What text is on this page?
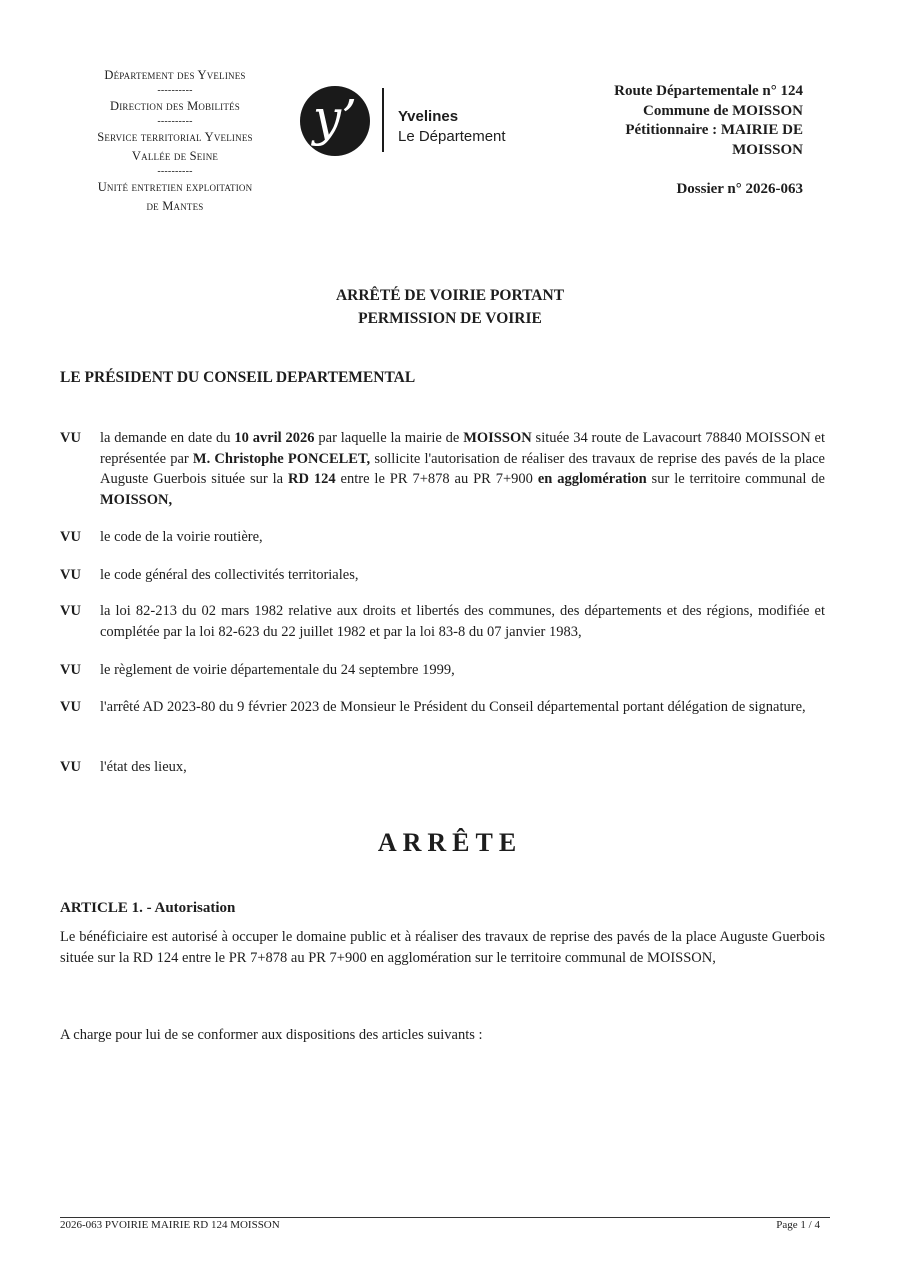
Département des Yvelines
----------
Direction des Mobilités
----------
Service territorial Yvelines
Vallée de Seine
----------
Unité entretien exploitation
de Mantes
y’	Yvelines
Le Département
Route Départementale n° 124
Commune de MOISSON
Pétitionnaire : MAIRIE DE
MOISSON
Dossier n° 2026-063
ARRÊTÉ DE VOIRIE PORTANT
PERMISSION DE VOIRIE
LE PRÉSIDENT DU CONSEIL DEPARTEMENTAL
VU	la demande en date du 10 avril 2026 par laquelle la mairie de MOISSON située 34 route de Lavacourt 78840 MOISSON et représentée par M. Christophe PONCELET, sollicite l'autorisation de réaliser des travaux de reprise des pavés de la place Auguste Guerbois située sur la RD 124 entre le PR 7+878 au PR 7+900 en agglomération sur le territoire communal de MOISSON,
VU	le code de la voirie routière,
VU	le code général des collectivités territoriales,
VU	la loi 82-213 du 02 mars 1982 relative aux droits et libertés des communes, des départements et des régions, modifiée et complétée par la loi 82-623 du 22 juillet 1982 et par la loi 83-8 du 07 janvier 1983,
VU	le règlement de voirie départementale du 24 septembre 1999,
VU	l'arrêté AD 2023-80 du 9 février 2023 de Monsieur le Président du Conseil départemental portant délégation de signature,
VU	l'état des lieux,
ARRÊTE
ARTICLE 1. - Autorisation
Le bénéficiaire est autorisé à occuper le domaine public et à réaliser des travaux de reprise des pavés de la place Auguste Guerbois située sur la RD 124 entre le PR 7+878 au PR 7+900 en agglomération sur le territoire communal de MOISSON,
A charge pour lui de se conformer aux dispositions des articles suivants :
2026-063 PVOIRIE MAIRIE RD 124 MOISSON	Page 1 / 4
